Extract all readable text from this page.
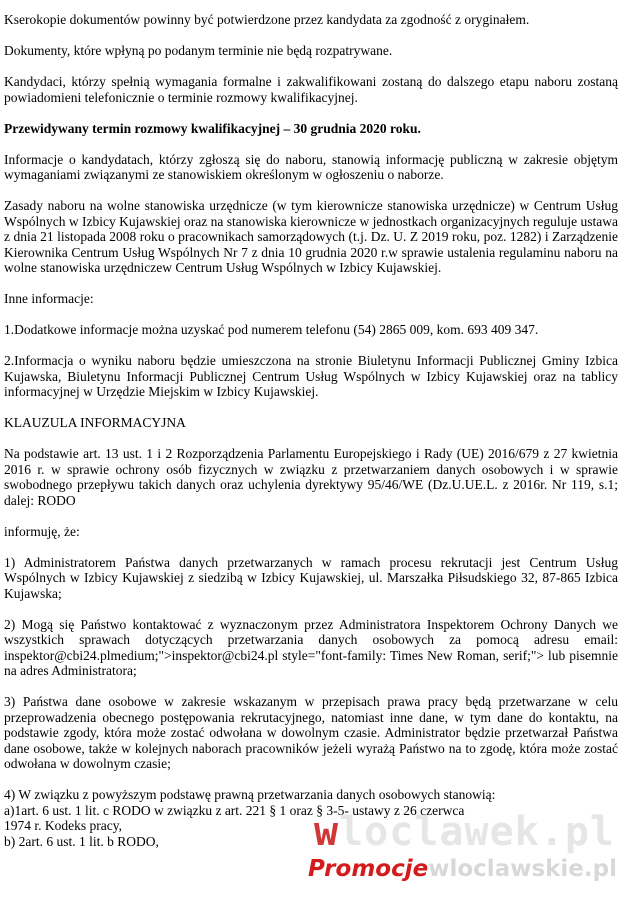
Kserokopie dokumentów powinny być potwierdzone przez kandydata za zgodność z oryginałem.

Dokumenty, które wpłyną po podanym terminie nie będą rozpatrywane.

Kandydaci, którzy spełnią wymagania formalne i zakwalifikowani zostaną do dalszego etapu naboru zostaną powiadomieni telefonicznie o terminie rozmowy kwalifikacyjnej.

Przewidywany termin rozmowy kwalifikacyjnej – 30 grudnia 2020 roku.

Informacje o kandydatach, którzy zgłoszą się do naboru, stanowią informację publiczną w zakresie objętym wymaganiami związanymi ze stanowiskiem określonym w ogłoszeniu o naborze.

Zasady naboru na wolne stanowiska urzędnicze (w tym kierownicze stanowiska urzędnicze) w Centrum Usług Wspólnych w Izbicy Kujawskiej oraz na stanowiska kierownicze w jednostkach organizacyjnych reguluje ustawa z dnia 21 listopada 2008 roku o pracownikach samorządowych (t.j. Dz. U. Z 2019 roku, poz. 1282) i Zarządzenie Kierownika Centrum Usług Wspólnych Nr 7 z dnia 10 grudnia 2020 r.w sprawie ustalenia regulaminu naboru na wolne stanowiska urzędniczew Centrum Usług Wspólnych w Izbicy Kujawskiej.

Inne informacje:

1.Dodatkowe informacje można uzyskać pod numerem telefonu (54) 2865 009, kom. 693 409 347.

2.Informacja o wyniku naboru będzie umieszczona na stronie Biuletynu Informacji Publicznej Gminy Izbica Kujawska, Biuletynu Informacji Publicznej Centrum Usług Wspólnych w Izbicy Kujawskiej oraz na tablicy informacyjnej w Urzędzie Miejskim w Izbicy Kujawskiej.

KLAUZULA INFORMACYJNA

Na podstawie art. 13 ust. 1 i 2 Rozporządzenia Parlamentu Europejskiego i Rady (UE) 2016/679 z 27 kwietnia 2016 r. w sprawie ochrony osób fizycznych w związku z przetwarzaniem danych osobowych i w sprawie swobodnego przepływu takich danych oraz uchylenia dyrektywy 95/46/WE (Dz.U.UE.L. z 2016r. Nr 119, s.1; dalej: RODO

informuję, że:

1) Administratorem Państwa danych przetwarzanych w ramach procesu rekrutacji jest Centrum Usług Wspólnych w Izbicy Kujawskiej z siedzibą w Izbicy Kujawskiej, ul. Marszałka Piłsudskiego 32, 87-865 Izbica Kujawska;

2) Mogą się Państwo kontaktować z wyznaczonym przez Administratora Inspektorem Ochrony Danych we wszystkich sprawach dotyczących przetwarzania danych osobowych za pomocą adresu email: inspektor@cbi24.plmedium;">inspektor@cbi24.pl style="font-family: Times New Roman, serif;"> lub pisemnie na adres Administratora;

3) Państwa dane osobowe w zakresie wskazanym w przepisach prawa pracy będą przetwarzane w celu przeprowadzenia obecnego postępowania rekrutacyjnego, natomiast inne dane, w tym dane do kontaktu, na podstawie zgody, która może zostać odwołana w dowolnym czasie. Administrator będzie przetwarzał Państwa dane osobowe, także w kolejnych naborach pracowników jeżeli wyrażą Państwo na to zgodę, która może zostać odwołana w dowolnym czasie;

4) W związku z powyższym podstawę prawną przetwarzania danych osobowych stanowią:

a)1art. 6 ust. 1 lit. c RODO w związku z art. 221 § 1 oraz § 3-5- ustawy z 26 czerwca

1974 r. Kodeks pracy,

b) 2art. 6 ust. 1 lit. b RODO,	wloclawek.pl
Promocjewloclawskie.pl
